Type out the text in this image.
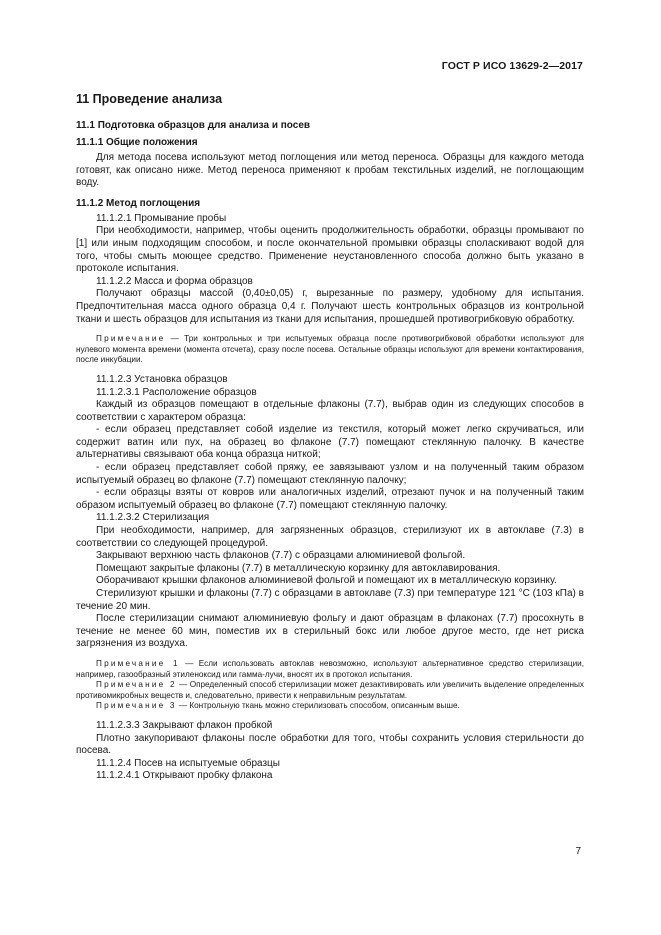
ГОСТ Р ИСО 13629-2—2017
11 Проведение анализа
11.1 Подготовка образцов для анализа и посев
11.1.1 Общие положения

Для метода посева используют метод поглощения или метод переноса. Образцы для каждого метода готовят, как описано ниже. Метод переноса применяют к пробам текстильных изделий, не поглощающим воду.

11.1.2 Метод поглощения

11.1.2.1 Промывание пробы

При необходимости, например, чтобы оценить продолжительность обработки, образцы промывают по [1] или иным подходящим способом, и после окончательной промывки образцы споласкивают водой для того, чтобы смыть моющее средство. Применение неустановленного способа должно быть указано в протоколе испытания.

11.1.2.2 Масса и форма образцов

Получают образцы массой (0,40±0,05) г, вырезанные по размеру, удобному для испытания. Предпочтительная масса одного образца 0,4 г. Получают шесть контрольных образцов из контрольной ткани и шесть образцов для испытания из ткани для испытания, прошедшей противогрибковую обработку.

Примечание — Три контрольных и три испытуемых образца после противогрибковой обработки используют для нулевого момента времени (момента отсчета), сразу после посева. Остальные образцы используют для времени контактирования, после инкубации.

11.1.2.3 Установка образцов

11.1.2.3.1 Расположение образцов

Каждый из образцов помещают в отдельные флаконы (7.7), выбрав один из следующих способов в соответствии с характером образца:

- если образец представляет собой изделие из текстиля, который может легко скручиваться, или содержит ватин или пух, на образец во флаконе (7.7) помещают стеклянную палочку. В качестве альтернативы связывают оба конца образца ниткой;

- если образец представляет собой пряжу, ее завязывают узлом и на полученный таким образом испытуемый образец во флаконе (7.7) помещают стеклянную палочку;

- если образцы взяты от ковров или аналогичных изделий, отрезают пучок и на полученный таким образом испытуемый образец во флаконе (7.7) помещают стеклянную палочку.

11.1.2.3.2 Стерилизация

При необходимости, например, для загрязненных образцов, стерилизуют их в автоклаве (7.3) в соответствии со следующей процедурой.

Закрывают верхнюю часть флаконов (7.7) с образцами алюминиевой фольгой.

Помещают закрытые флаконы (7.7) в металлическую корзинку для автоклавирования.

Оборачивают крышки флаконов алюминиевой фольгой и помещают их в металлическую корзинку.

Стерилизуют крышки и флаконы (7.7) с образцами в автоклаве (7.3) при температуре 121 °С (103 кПа) в течение 20 мин.

После стерилизации снимают алюминиевую фольгу и дают образцам в флаконах (7.7) просохнуть в течение не менее 60 мин, поместив их в стерильный бокс или любое другое место, где нет риска загрязнения из воздуха.

Примечание 1 — Если использовать автоклав невозможно, используют альтернативное средство стерилизации, например, газообразный этиленоксид или гамма-лучи, вносят их в протокол испытания.
Примечание 2 — Определенный способ стерилизации может дезактивировать или увеличить выделение определенных противомикробных веществ и, следовательно, привести к неправильным результатам.
Примечание 3 — Контрольную ткань можно стерилизовать способом, описанным выше.

11.1.2.3.3 Закрывают флакон пробкой

Плотно закупоривают флаконы после обработки для того, чтобы сохранить условия стерильности до посева.

11.1.2.4 Посев на испытуемые образцы

11.1.2.4.1 Открывают пробку флакона

7
